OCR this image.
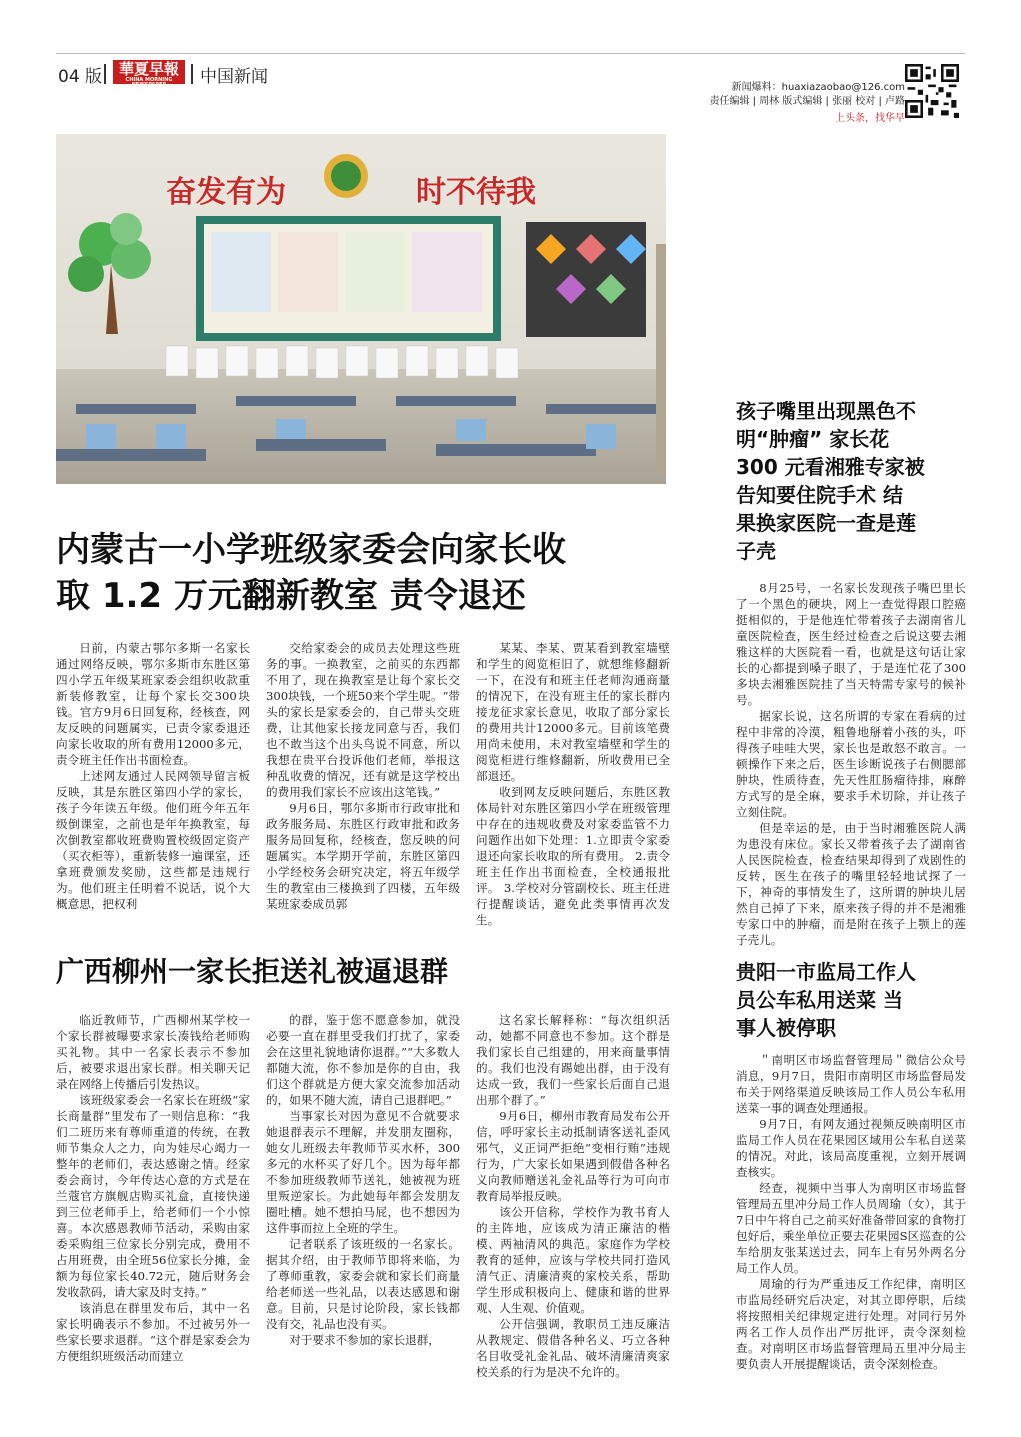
04 版	華夏早報
CHINA MORNING NEWSPAPER	中国新闻
新闻爆料：huaxiazaobao@126.com
责任编辑 | 周林 版式编辑 | 张丽 校对 | 卢路
上头条，找华早
奋发有为	时不待我
内蒙古一小学班级家委会向家长收
取 1.2 万元翻新教室 责令退还

日前，内蒙古鄂尔多斯一名家长通过网络反映，鄂尔多斯市东胜区第四小学五年级某班家委会组织收款重新装修教室，让每个家长交300块钱。官方9月6日回复称，经核查，网友反映的问题属实，已责令家委退还向家长收取的所有费用12000多元，责令班主任作出书面检查。

上述网友通过人民网领导留言板反映，其是东胜区第四小学的家长，孩子今年读五年级。他们班今年五年级倒课室，之前也是年年换教室，每次倒教室都收班费购置校级固定资产（买衣柜等），重新装修一遍课室，还拿班费颁发奖励，这些都是违规行为。他们班主任明着不说话，说个大概意思，把权利

交给家委会的成员去处理这些班务的事。一换教室，之前买的东西都不用了，现在换教室是让每个家长交300块钱，一个班50来个学生呢。“带头的家长是家委会的，自己带头交班费，让其他家长接龙同意与否，我们也不敢当这个出头鸟说不同意，所以我想在贵平台投诉他们老师，举报这种乱收费的情况，还有就是这学校出的费用我们家长不应该出这笔钱。”

9月6日，鄂尔多斯市行政审批和政务服务局、东胜区行政审批和政务服务局回复称，经核查，您反映的问题属实。本学期开学前，东胜区第四小学经校务会研究决定，将五年级学生的教室由三楼换到了四楼，五年级某班家委成员郭

某某、李某、贾某看到教室墙壁和学生的阅览柜旧了，就想维修翻新一下，在没有和班主任老师沟通商量的情况下，在没有班主任的家长群内接龙征求家长意见，收取了部分家长的费用共计12000多元。目前该笔费用尚未使用，未对教室墙壁和学生的阅览柜进行维修翻新，所收费用已全部退还。

收到网友反映问题后，东胜区教体局针对东胜区第四小学在班级管理中存在的违规收费及对家委监管不力问题作出如下处理：1.立即责令家委退还向家长收取的所有费用。 2.责令班主任作出书面检查，全校通报批评。 3.学校对分管副校长、班主任进行提醒谈话，避免此类事情再次发生。

广西柳州一家长拒送礼被逼退群

临近教师节，广西柳州某学校一个家长群被曝要求家长凑钱给老师购买礼物。其中一名家长表示不参加后，被要求退出家长群。相关聊天记录在网络上传播后引发热议。

该班级家委会一名家长在班级“家长商量群”里发布了一则信息称：“我们二班历来有尊师重道的传统，在教师节集众人之力，向为娃尽心竭力一整年的老师们，表达感谢之情。经家委会商讨，今年传达心意的方式是在兰蔻官方旗舰店购买礼盒，直接快递到三位老师手上，给老师们一个小惊喜。本次感恩教师节活动，采购由家委采购组三位家长分别完成，费用不占用班费，由全班56位家长分摊，金额为每位家长40.72元，随后财务会发收款码，请大家及时支持。”

该消息在群里发布后，其中一名家长明确表示不参加。不过被另外一些家长要求退群。“这个群是家委会为方便组织班级活动而建立

的群，鉴于您不愿意参加，就没必要一直在群里受我们打扰了，家委会在这里礼貌地请你退群。”“大多数人都随大流，你不参加是你的自由，我们这个群就是方便大家交流参加活动的，如果不随大流，请自己退群吧。”

当事家长对因为意见不合就要求她退群表示不理解，并发朋友圈称，她女儿班级去年教师节买水杯，300多元的水杯买了好几个。因为每年都不参加班级教师节送礼，她被视为班里叛逆家长。为此她每年都会发朋友圈吐槽。她不想拍马屁，也不想因为这件事而拉上全班的学生。

记者联系了该班级的一名家长。据其介绍，由于教师节即将来临，为了尊师重教，家委会就和家长们商量给老师送一些礼品，以表达感恩和谢意。目前，只是讨论阶段，家长钱都没有交，礼品也没有买。

对于要求不参加的家长退群，

这名家长解释称：“每次组织活动，她都不同意也不参加。这个群是我们家长自己组建的，用来商量事情的。我们也没有踢她出群，由于没有达成一致，我们一些家长后面自己退出那个群了。”

9月6日，柳州市教育局发布公开信，呼吁家长主动抵制请客送礼歪风邪气，义正词严拒绝“变相行贿”违规行为，广大家长如果遇到假借各种名义向教师赠送礼金礼品等行为可向市教育局举报反映。

该公开信称，学校作为教书育人的主阵地，应该成为清正廉洁的楷模、两袖清风的典范。家庭作为学校教育的延伸，应该与学校共同打造风清气正、清廉清爽的家校关系，帮助学生形成积极向上、健康和谐的世界观、人生观、价值观。

公开信强调，教职员工违反廉洁从教规定、假借各种名义、巧立各种名目收受礼金礼品、破坏清廉清爽家校关系的行为是决不允许的。

孩子嘴里出现黑色不
明“肿瘤” 家长花
300 元看湘雅专家被
告知要住院手术 结
果换家医院一查是莲
子壳

8月25号，一名家长发现孩子嘴巴里长了一个黑色的硬块，网上一查觉得跟口腔癌挺相似的，于是他连忙带着孩子去湖南省儿童医院检查，医生经过检查之后说这要去湘雅这样的大医院看一看，也就是这句话让家长的心都提到嗓子眼了，于是连忙花了300多块去湘雅医院挂了当天特需专家号的候补号。

据家长说，这名所谓的专家在看病的过程中非常的冷漠，粗鲁地掰着小孩的头，吓得孩子哇哇大哭，家长也是敢怒不敢言。一顿操作下来之后，医生诊断说孩子右侧腮部肿块，性质待查，先天性肛肠瘤待排，麻醉方式写的是全麻，要求手术切除，并让孩子立刻住院。

但是幸运的是，由于当时湘雅医院人满为患没有床位。家长又带着孩子去了湖南省人民医院检查，检查结果却得到了戏剧性的反转，医生在孩子的嘴里轻轻地试探了一下，神奇的事情发生了，这所谓的肿块儿居然自己掉了下来，原来孩子得的并不是湘雅专家口中的肿瘤，而是附在孩子上颚上的莲子壳儿。

贵阳一市监局工作人
员公车私用送菜 当
事人被停职

＂南明区市场监督管理局＂微信公众号消息，9月7日，贵阳市南明区市场监督局发布关于网络渠道反映该局工作人员公车私用送菜一事的调查处理通报。

9月7日，有网友通过视频反映南明区市监局工作人员在花果园区域用公车私自送菜的情况。对此，该局高度重视，立刻开展调查核实。

经查，视频中当事人为南明区市场监督管理局五里冲分局工作人员周瑜（女），其于7日中午将自己之前买好准备带回家的食物打包好后，乘坐单位正要去花果园S区巡查的公车给朋友张某送过去，同车上有另外两名分局工作人员。

周瑜的行为严重违反工作纪律，南明区市监局经研究后决定，对其立即停职，后续将按照相关纪律规定进行处理。对同行另外两名工作人员作出严厉批评，责令深刻检查。对南明区市场监督管理局五里冲分局主要负责人开展提醒谈话，责令深刻检查。
